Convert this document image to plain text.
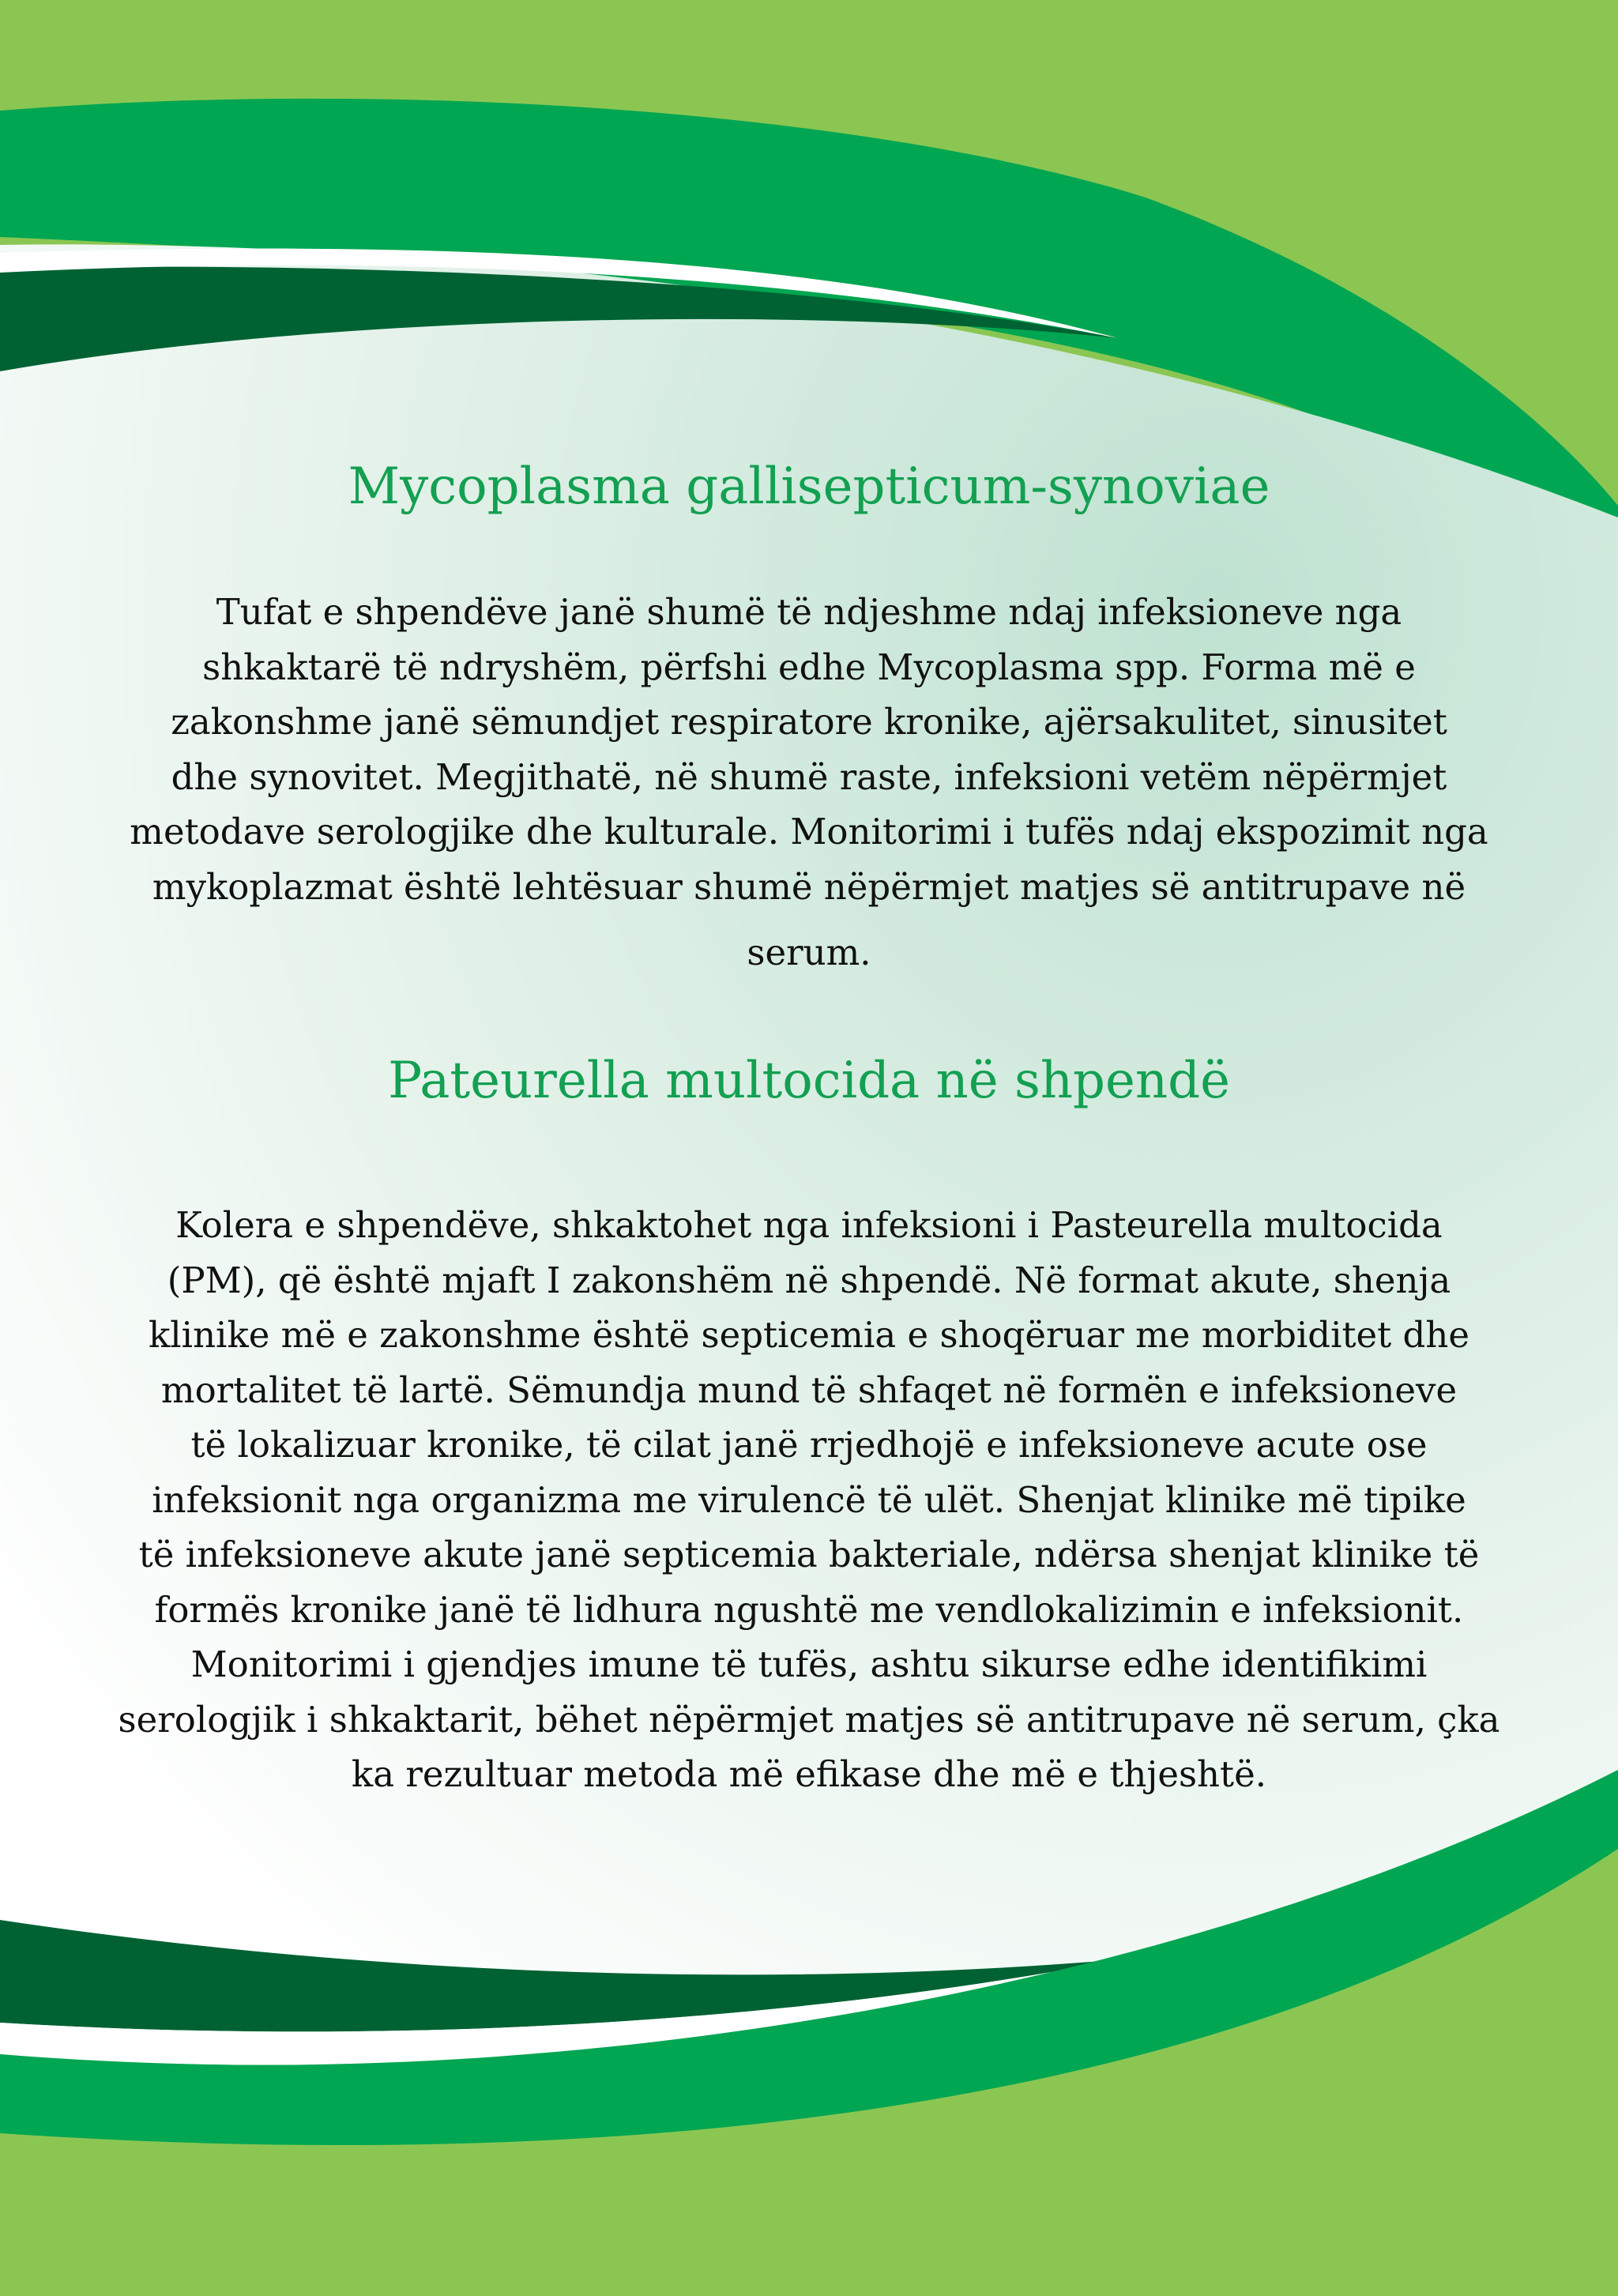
Mycoplasma gallisepticum-synoviae

Tufat e shpendëve janë shumë të ndjeshme ndaj infeksioneve nga
shkaktarë të ndryshëm, përfshi edhe Mycoplasma spp. Forma më e
zakonshme janë sëmundjet respiratore kronike, ajërsakulitet, sinusitet
dhe synovitet. Megjithatë, në shumë raste, infeksioni vetëm nëpërmjet
metodave serologjike dhe kulturale. Monitorimi i tufës ndaj ekspozimit nga
mykoplazmat është lehtësuar shumë nëpërmjet matjes së antitrupave në
serum.

Pateurella multocida në shpendë

Kolera e shpendëve, shkaktohet nga infeksioni i Pasteurella multocida
(PM), që është mjaft I zakonshëm në shpendë. Në format akute, shenja
klinike më e zakonshme është septicemia e shoqëruar me morbiditet dhe
mortalitet të lartë. Sëmundja mund të shfaqet në formën e infeksioneve
të lokalizuar kronike, të cilat janë rrjedhojë e infeksioneve acute ose
infeksionit nga organizma me virulencë të ulët. Shenjat klinike më tipike
të infeksioneve akute janë septicemia bakteriale, ndërsa shenjat klinike të
formës kronike janë të lidhura ngushtë me vendlokalizimin e infeksionit.
Monitorimi i gjendjes imune të tufës, ashtu sikurse edhe identifikimi
serologjik i shkaktarit, bëhet nëpërmjet matjes së antitrupave në serum, çka
ka rezultuar metoda më efikase dhe më e thjeshtë.
